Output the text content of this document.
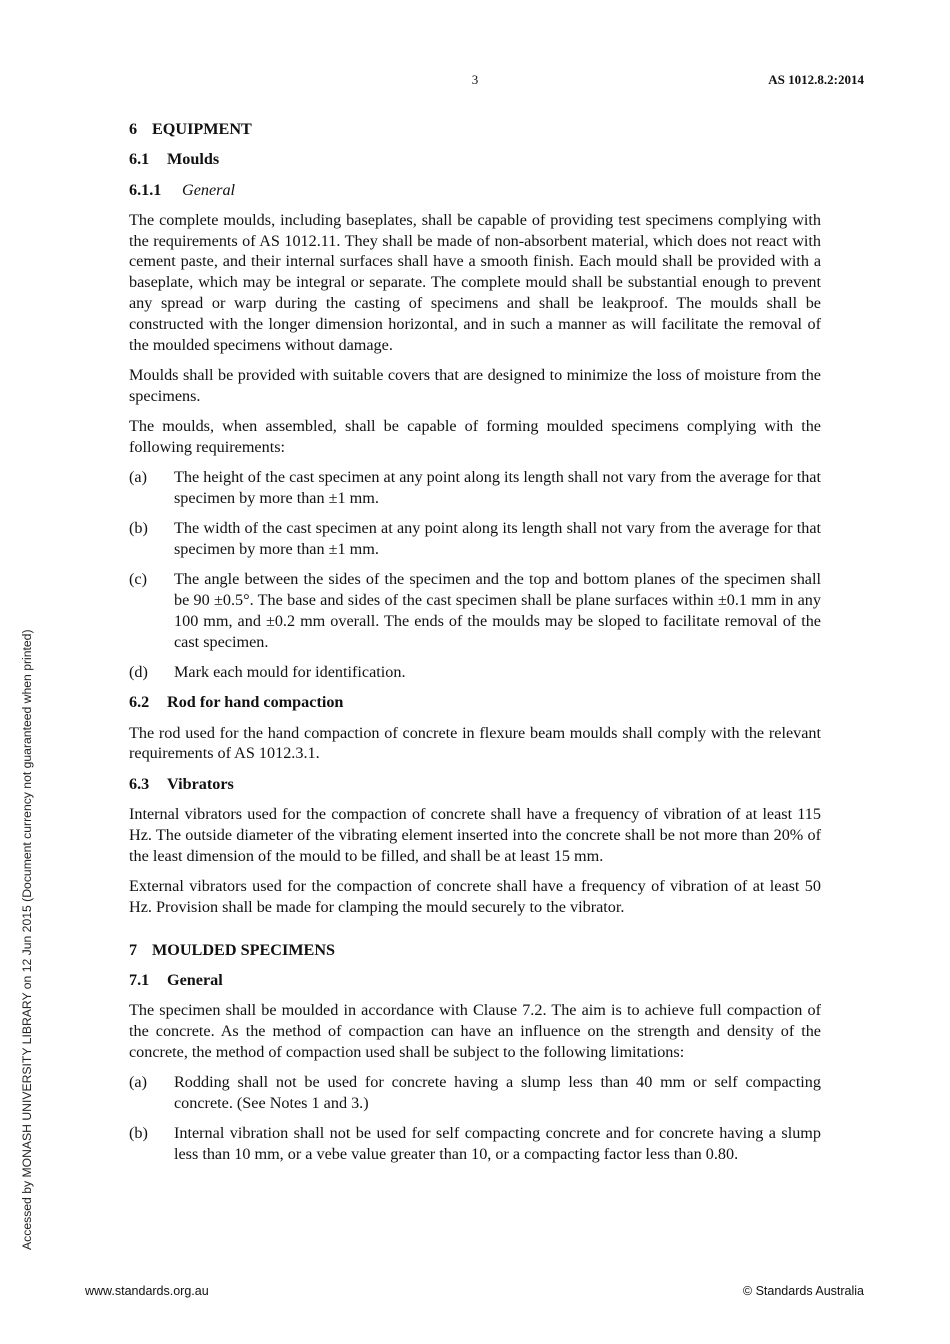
3	AS 1012.8.2:2014
Accessed by MONASH UNIVERSITY LIBRARY on 12 Jun 2015 (Document currency not guaranteed when printed)
6 EQUIPMENT
6.1 Moulds
6.1.1 General

The complete moulds, including baseplates, shall be capable of providing test specimens complying with the requirements of AS 1012.11. They shall be made of non-absorbent material, which does not react with cement paste, and their internal surfaces shall have a smooth finish. Each mould shall be provided with a baseplate, which may be integral or separate. The complete mould shall be substantial enough to prevent any spread or warp during the casting of specimens and shall be leakproof. The moulds shall be constructed with the longer dimension horizontal, and in such a manner as will facilitate the removal of the moulded specimens without damage.

Moulds shall be provided with suitable covers that are designed to minimize the loss of moisture from the specimens.

The moulds, when assembled, shall be capable of forming moulded specimens complying with the following requirements:

(a)	The height of the cast specimen at any point along its length shall not vary from the average for that specimen by more than ±1 mm.
(b)	The width of the cast specimen at any point along its length shall not vary from the average for that specimen by more than ±1 mm.
(c)	The angle between the sides of the specimen and the top and bottom planes of the specimen shall be 90 ±0.5°. The base and sides of the cast specimen shall be plane surfaces within ±0.1 mm in any 100 mm, and ±0.2 mm overall. The ends of the moulds may be sloped to facilitate removal of the cast specimen.
(d)	Mark each mould for identification.
6.2 Rod for hand compaction

The rod used for the hand compaction of concrete in flexure beam moulds shall comply with the relevant requirements of AS 1012.3.1.

6.3 Vibrators

Internal vibrators used for the compaction of concrete shall have a frequency of vibration of at least 115 Hz. The outside diameter of the vibrating element inserted into the concrete shall be not more than 20% of the least dimension of the mould to be filled, and shall be at least 15 mm.

External vibrators used for the compaction of concrete shall have a frequency of vibration of at least 50 Hz. Provision shall be made for clamping the mould securely to the vibrator.

7 MOULDED SPECIMENS
7.1 General

The specimen shall be moulded in accordance with Clause 7.2. The aim is to achieve full compaction of the concrete. As the method of compaction can have an influence on the strength and density of the concrete, the method of compaction used shall be subject to the following limitations:

(a)	Rodding shall not be used for concrete having a slump less than 40 mm or self compacting concrete. (See Notes 1 and 3.)
(b)	Internal vibration shall not be used for self compacting concrete and for concrete having a slump less than 10 mm, or a vebe value greater than 10, or a compacting factor less than 0.80.
www.standards.org.au	© Standards Australia
